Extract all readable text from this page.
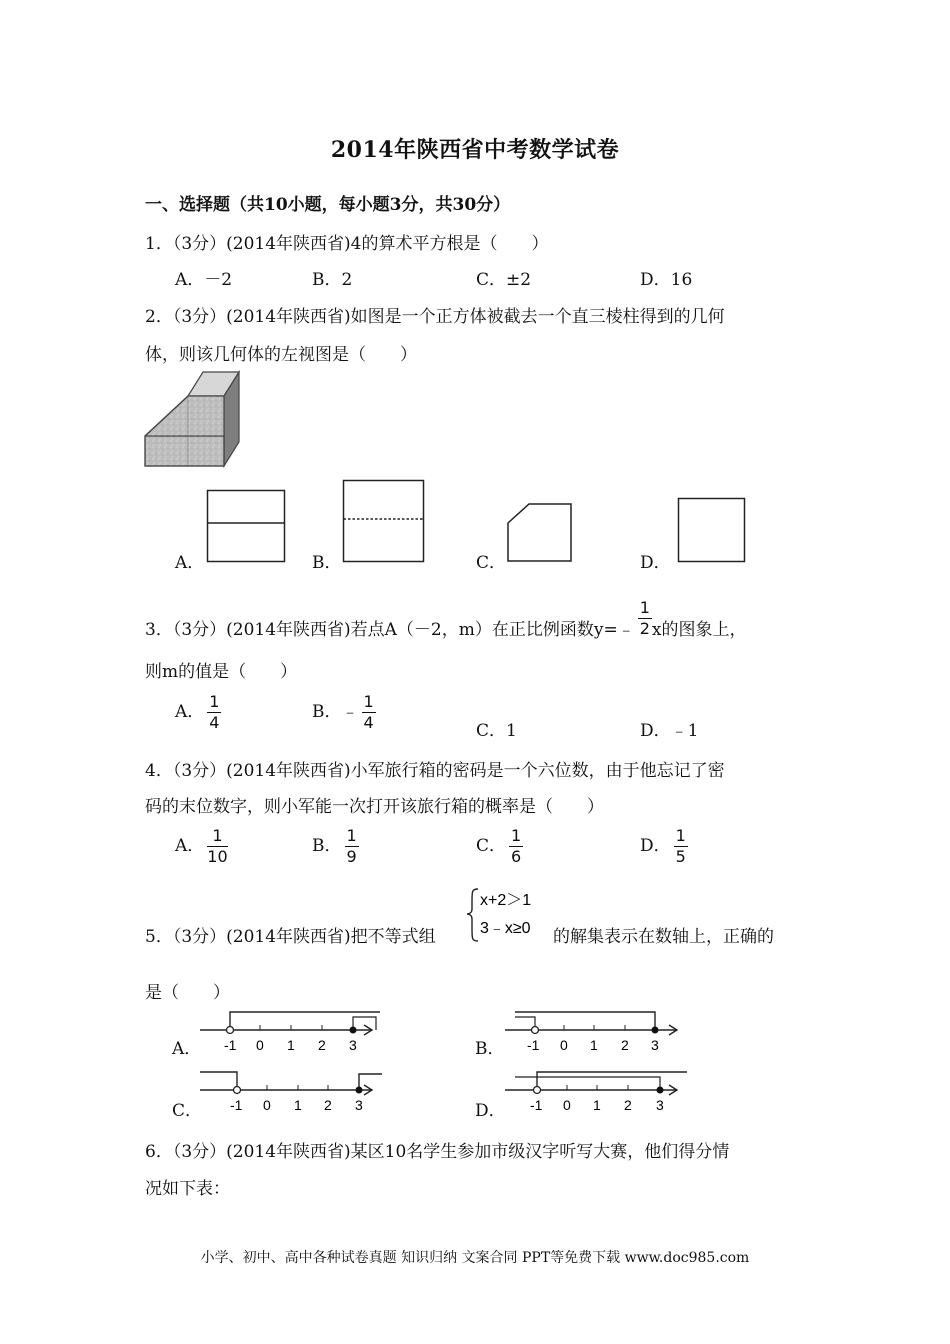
2014年陕西省中考数学试卷
一、选择题（共10小题，每小题3分，共30分）
1．（3分）(2014年陕西省)4的算术平方根是（　　）
A．－2	B．2	C．±2	D．16
2．（3分）(2014年陕西省)如图是一个正方体被截去一个直三棱柱得到的几何
体，则该几何体的左视图是（　　）
A．	B．	C．	D．
3．（3分）(2014年陕西省)若点A（－2，m）在正比例函数y=﹣ $\frac{1}{2}$ x的图象上，
则m的值是（　　）
A． $\frac{1}{4}$	B．﹣ $\frac{1}{4}$	C．1	D．﹣1
4．（3分）(2014年陕西省)小军旅行箱的密码是一个六位数，由于他忘记了密
码的末位数字，则小军能一次打开该旅行箱的概率是（　　）
A． $\frac{1}{10}$	B． $\frac{1}{9}$	C． $\frac{1}{6}$	D． $\frac{1}{5}$
5．（3分）(2014年陕西省)把不等式组
x+2＞1
3﹣x≥0 的解集表示在数轴上，正确的
是（　　）
A． -1 0 1 2 3	B． -1 0 1 2 3
C． -1 0 1 2 3	D． -1 0 1 2 3
6．（3分）(2014年陕西省)某区10名学生参加市级汉字听写大赛，他们得分情
况如下表：
小学、初中、高中各种试卷真题 知识归纳 文案合同 PPT等免费下载 www.doc985.com
